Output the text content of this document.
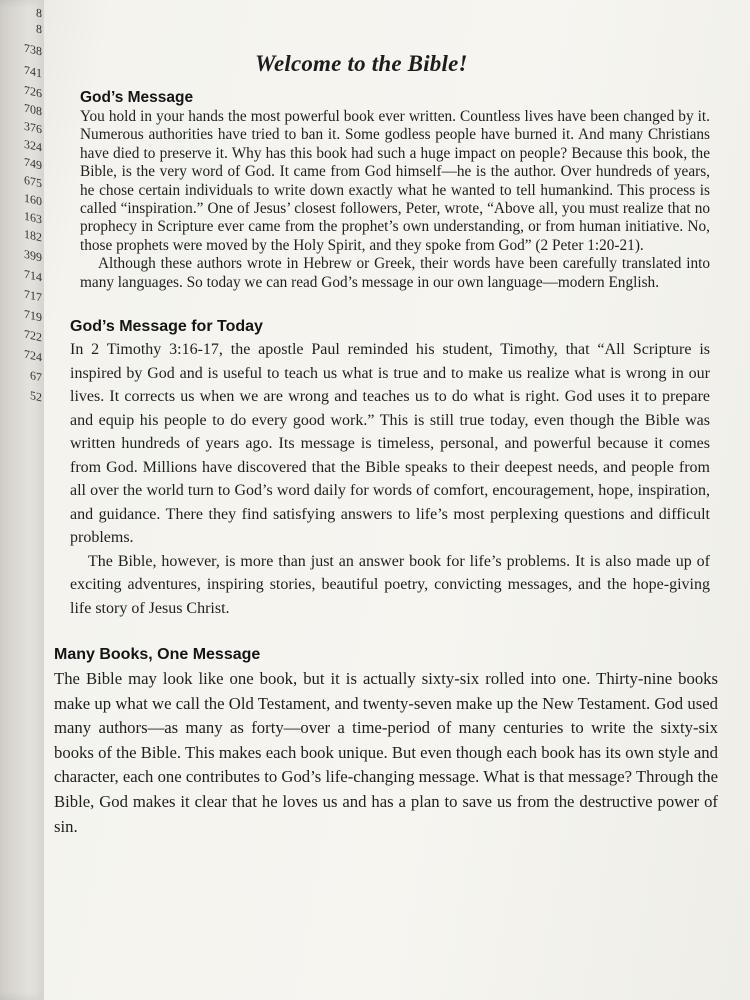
8
8
738
741
726
708
376
324
749
675
160
163
182
399
714
717
719
722
724
67
52

Welcome to the Bible!
God’s Message

You hold in your hands the most powerful book ever written. Countless lives have been changed by it. Numerous authorities have tried to ban it. Some godless people have burned it. And many Christians have died to preserve it. Why has this book had such a huge impact on people? Because this book, the Bible, is the very word of God. It came from God himself—he is the author. Over hundreds of years, he chose certain individuals to write down exactly what he wanted to tell humankind. This process is called “inspiration.” One of Jesus’ closest followers, Peter, wrote, “Above all, you must realize that no prophecy in Scripture ever came from the prophet’s own understanding, or from human initiative. No, those prophets were moved by the Holy Spirit, and they spoke from God” (2 Peter 1:20-21).

Although these authors wrote in Hebrew or Greek, their words have been carefully translated into many languages. So today we can read God’s message in our own language—modern English.

God’s Message for Today

In 2 Timothy 3:16-17, the apostle Paul reminded his student, Timothy, that “All Scripture is inspired by God and is useful to teach us what is true and to make us realize what is wrong in our lives. It corrects us when we are wrong and teaches us to do what is right. God uses it to prepare and equip his people to do every good work.” This is still true today, even though the Bible was written hundreds of years ago. Its message is timeless, personal, and powerful because it comes from God. Millions have discovered that the Bible speaks to their deepest needs, and people from all over the world turn to God’s word daily for words of comfort, encouragement, hope, inspiration, and guidance. There they find satisfying answers to life’s most perplexing questions and difficult problems.

The Bible, however, is more than just an answer book for life’s problems. It is also made up of exciting adventures, inspiring stories, beautiful poetry, convicting messages, and the hope-giving life story of Jesus Christ.

Many Books, One Message

The Bible may look like one book, but it is actually sixty-six rolled into one. Thirty-nine books make up what we call the Old Testament, and twenty-seven make up the New Testament. God used many authors—as many as forty—over a time-period of many centuries to write the sixty-six books of the Bible. This makes each book unique. But even though each book has its own style and character, each one contributes to God’s life-changing message. What is that message? Through the Bible, God makes it clear that he loves us and has a plan to save us from the destructive power of sin.
